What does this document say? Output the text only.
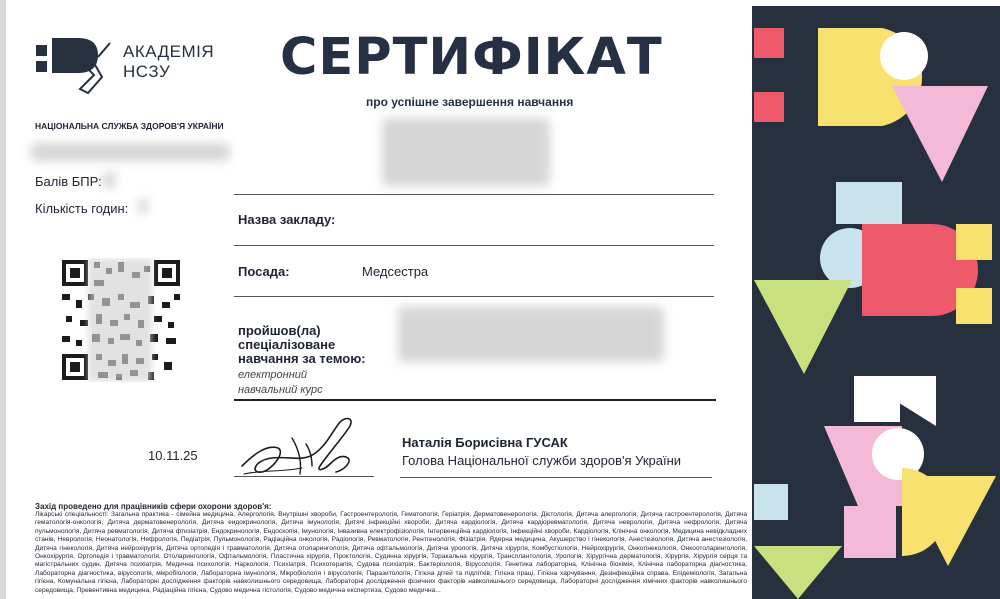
АКАДЕМІЯ
НСЗУ
НАЦІОНАЛЬНА СЛУЖБА ЗДОРОВ'Я УКРАЇНИ
СЕРТИФІКАТ
про успішне завершення навчання
Балів БПР:
Кількість годин:
Назва закладу:
Посада:	Медсестра
пройшов(ла)
спеціалізоване
навчання за темою:
електронний
навчальний курс
10.11.25
Наталія Борисівна ГУСАК
Голова Національної служби здоров'я України
Захід проведено для працівників сфери охорони здоров'я:
Лікарські спеціальності: Загальна практика - сімейна медицина, Алергологія, Внутрішні хвороби, Гастроентерологія, Гематологія, Геріатрія, Дерматовенерологія, Дієтологія, Дитяча алергологія, Дитяча гастроентерологія, Дитяча гематологія-онкологія, Дитяча дерматовенерологія, Дитяча ендокринологія, Дитяча імунологія, Дитячі інфекційні хвороби, Дитяча кардіологія, Дитяча кардіоревматологія, Дитяча неврологія, Дитяча нефрологія, Дитяча пульмонологія, Дитяча ревматологія, Дитяча фтизіатрія, Ендокринологія, Ендоскопія, Імунологія, Інвазивна електрофізіологія, Інтервенційна кардіологія, Інфекційні хвороби, Кардіологія, Клінічна онкологія, Медицина невідкладних станів, Неврологія, Неонатологія, Нефрологія, Педіатрія, Пульмонологія, Радіаційна онкологія, Радіологія, Ревматологія, Рентгенологія, Фізіатрія, Ядерна медицина, Акушерство і гінекологія, Анестезіологія, Дитяча анестезіологія, Дитяча гінекологія, Дитяча нейрохірургія, Дитяча ортопедія і травматологія, Дитяча отоларингологія, Дитяча офтальмологія, Дитяча урологія, Дитяча хірургія, Комбустіологія, Нейрохірургія, Онкогінекологія, Онкоотоларингологія, Онкохірургія, Ортопедія і травматологія, Отоларингологія, Офтальмологія, Пластична хірургія, Проктологія, Судинна хірургія, Торакальна хірургія, Трансплантологія, Урологія, Хірургічна дерматологія, Хірургія, Хірургія серця та магістральних судин, Дитяча психіатрія, Медична психологія, Наркологія, Психіатрія, Психотерапія, Судова психіатрія, Бактеріологія, Вірусологія, Генетика лабораторна, Клінічна біохімія, Клінічна лабораторна діагностика, Лабораторна діагностика, вірусологія, мікробіологія, Лабораторна імунологія, Мікробіологія і вірусологія, Паразитологія, Гігієна дітей та підлітків, Гігієна праці, Гігієна харчування, Дезінфекційна справа, Епідеміологія, Загальна гігієна, Комунальна гігієна, Лабораторні дослідження факторів навколишнього середовища, Лабораторні дослідження фізичних факторів навколишнього середовища, Лабораторні дослідження хімічних факторів навколишнього середовища, Превентивна медицина, Радіаційна гігієна, Судово медична гістологія, Судово медична експертиза, Судово медична...
